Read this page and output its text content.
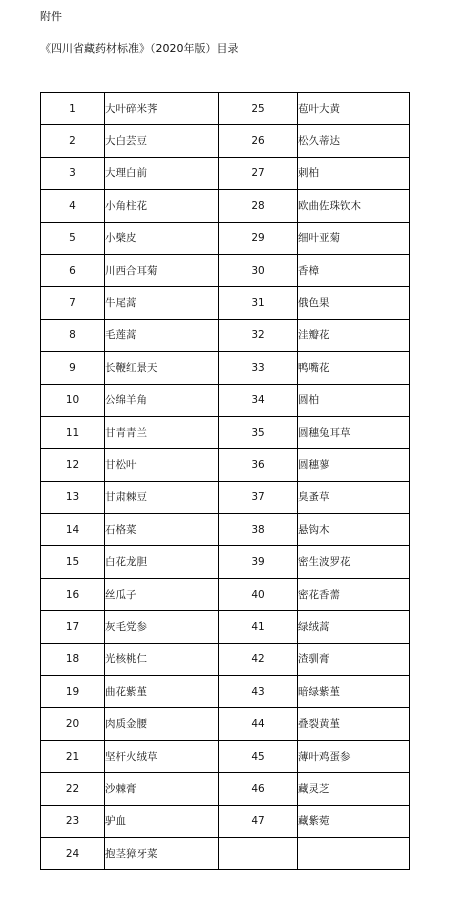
附件
《四川省藏药材标准》（2020年版）目录
1	大叶碎米荠	25	苞叶大黄
2	大白芸豆	26	松久蒂达
3	大理白前	27	刺柏
4	小角柱花	28	欧曲佐珠钦木
5	小檗皮	29	细叶亚菊
6	川西合耳菊	30	香樟
7	牛尾蒿	31	俄色果
8	毛莲蒿	32	洼瓣花
9	长鞭红景天	33	鸭嘴花
10	公绵羊角	34	圆柏
11	甘青青兰	35	圆穗兔耳草
12	甘松叶	36	圆穗蓼
13	甘肃棘豆	37	臭蚤草
14	石格菜	38	悬钩木
15	白花龙胆	39	密生波罗花
16	丝瓜子	40	密花香薷
17	灰毛党参	41	绿绒蒿
18	光核桃仁	42	渣驯膏
19	曲花紫堇	43	暗绿紫堇
20	肉质金腰	44	叠裂黄堇
21	坚杆火绒草	45	薄叶鸡蛋参
22	沙棘膏	46	藏灵芝
23	驴血	47	藏紫菀
24	抱茎獐牙菜		
